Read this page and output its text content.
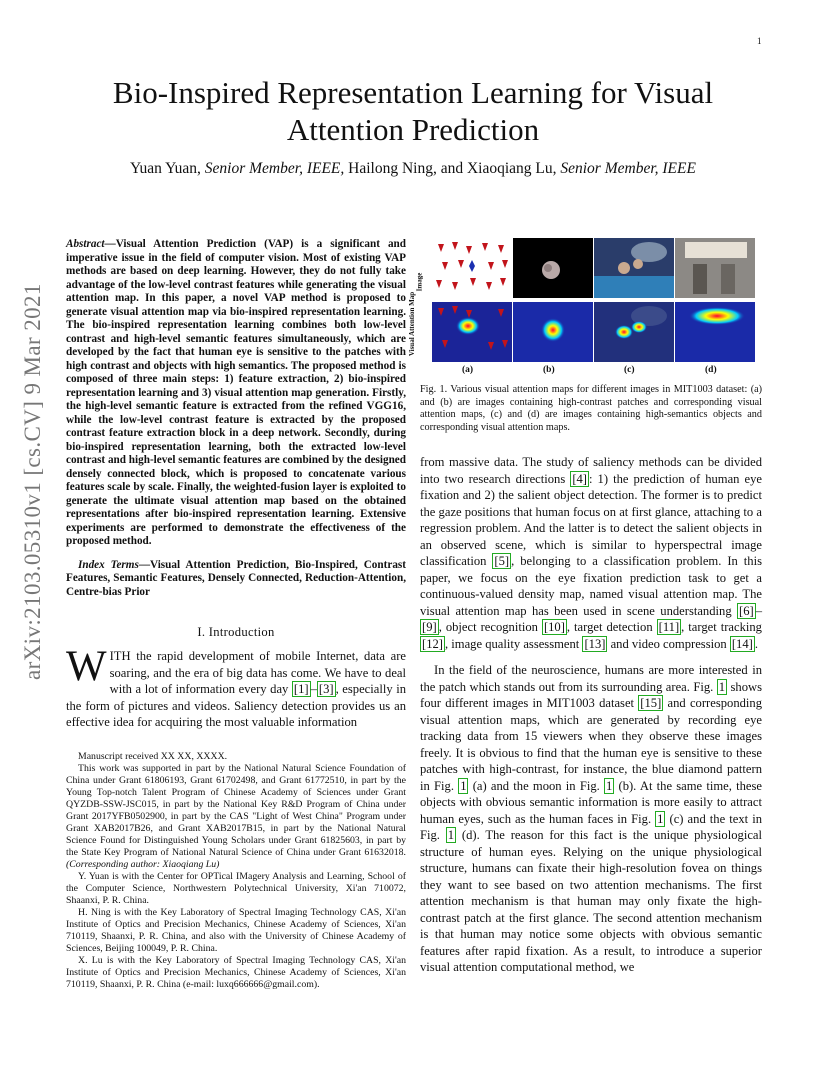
1
arXiv:2103.05310v1 [cs.CV] 9 Mar 2021
Bio-Inspired Representation Learning for Visual Attention Prediction
Yuan Yuan, Senior Member, IEEE, Hailong Ning, and Xiaoqiang Lu, Senior Member, IEEE
Abstract—Visual Attention Prediction (VAP) is a significant and imperative issue in the field of computer vision. Most of existing VAP methods are based on deep learning. However, they do not fully take advantage of the low-level contrast features while generating the visual attention map. In this paper, a novel VAP method is proposed to generate visual attention map via bio-inspired representation learning. The bio-inspired representation learning combines both low-level contrast and high-level semantic features simultaneously, which are developed by the fact that human eye is sensitive to the patches with high contrast and objects with high semantics. The proposed method is composed of three main steps: 1) feature extraction, 2) bio-inspired representation learning and 3) visual attention map generation. Firstly, the high-level semantic feature is extracted from the refined VGG16, while the low-level contrast feature is extracted by the proposed contrast feature extraction block in a deep network. Secondly, during bio-inspired representation learning, both the extracted low-level contrast and high-level semantic features are combined by the designed densely connected block, which is proposed to concatenate various features scale by scale. Finally, the weighted-fusion layer is exploited to generate the ultimate visual attention map based on the obtained representations after bio-inspired representation learning. Extensive experiments are performed to demonstrate the effectiveness of the proposed method.
Index Terms—Visual Attention Prediction, Bio-Inspired, Contrast Features, Semantic Features, Densely Connected, Reduction-Attention, Centre-bias Prior
I. Introduction
WITH the rapid development of mobile Internet, data are soaring, and the era of big data has come. We have to deal with a lot of information every day [1] – [3] , especially in the form of pictures and videos. Saliency detection provides us an effective idea for acquiring the most valuable information

Manuscript received XX XX, XXXX.

This work was supported in part by the National Natural Science Foundation of China under Grant 61806193, Grant 61702498, and Grant 61772510, in part by the Young Top-notch Talent Program of Chinese Academy of Sciences under Grant QYZDB-SSW-JSC015, in part by the National Key R&D Program of China under Grant 2017YFB0502900, in part by the CAS "Light of West China" Program under Grant XAB2017B26, and Grant XAB2017B15, in part by the National Natural Science Found for Distinguished Young Scholars under Grant 61825603, in part by the State Key Program of National Natural Science of China under Grant 61632018. (Corresponding author: Xiaoqiang Lu)

Y. Yuan is with the Center for OPTical IMagery Analysis and Learning, School of the Computer Science, Northwestern Polytechnical University, Xi'an 710072, Shaanxi, P. R. China.

H. Ning is with the Key Laboratory of Spectral Imaging Technology CAS, Xi'an Institute of Optics and Precision Mechanics, Chinese Academy of Sciences, Xi'an 710119, Shaanxi, P. R. China, and also with the University of Chinese Academy of Sciences, Beijing 100049, P. R. China.

X. Lu is with the Key Laboratory of Spectral Imaging Technology CAS, Xi'an Institute of Optics and Precision Mechanics, Chinese Academy of Sciences, Xi'an 710119, Shaanxi, P. R. China (e-mail: luxq666666@gmail.com).

Image
Visual Attention Map
(a)	(b)	(c)	(d)
Fig. 1. Various visual attention maps for different images in MIT1003 dataset: (a) and (b) are images containing high-contrast patches and corresponding visual attention maps, (c) and (d) are images containing high-semantics objects and corresponding visual attention maps.
from massive data. The study of saliency methods can be divided into two research directions [4] : 1) the prediction of human eye fixation and 2) the salient object detection. The former is to predict the gaze positions that human focus on at first glance, attaching to a regression problem. And the latter is to detect the salient objects in an observed scene, which is similar to hyperspectral image classification [5] , belonging to a classification problem. In this paper, we focus on the eye fixation prediction task to get a continuous-valued density map, named visual attention map. The visual attention map has been used in scene understanding [6] –[9] , object recognition [10] , target detection [11] , target tracking [12] , image quality assessment [13] and video compression [14] .
In the field of the neuroscience, humans are more interested in the patch which stands out from its surrounding area. Fig. 1 shows four different images in MIT1003 dataset [15] and corresponding visual attention maps, which are generated by recording eye tracking data from 15 viewers when they observe these images freely. It is obvious to find that the human eye is sensitive to these patches with high-contrast, for instance, the blue diamond pattern in Fig. 1 (a) and the moon in Fig. 1 (b). At the same time, these objects with obvious semantic information is more easily to attract human eyes, such as the human faces in Fig. 1 (c) and the text in Fig. 1 (d). The reason for this fact is the unique physiological structure of human eyes. Relying on the unique physiological structure, humans can fixate their high-resolution fovea on things they want to see based on two attention mechanisms. The first attention mechanism is that human may only fixate the high-contrast patch at the first glance. The second attention mechanism is that human may notice some objects with obvious semantic features after rapid fixation. As a result, to introduce a superior visual attention computational method, we
